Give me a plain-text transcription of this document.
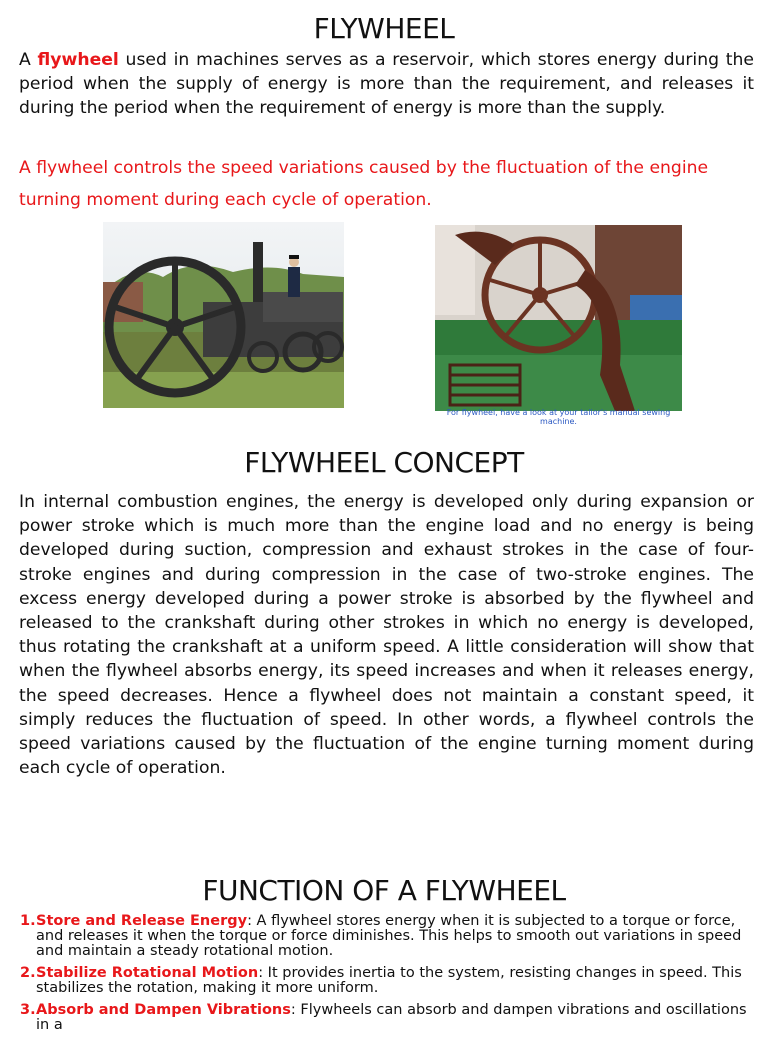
FLYWHEEL

A flywheel used in machines serves as a reservoir, which stores energy during the period when the supply of energy is more than the requirement, and releases it during the period when the requirement of energy is more than the supply.

A flywheel controls the speed variations caused by the fluctuation of the engine turning moment during each cycle of operation.

For flywheel, have a look at your tailor's manual sewing machine.
FLYWHEEL CONCEPT

In internal combustion engines, the energy is developed only during expansion or power stroke which is much more than the engine load and no energy is being developed during suction, compression and exhaust strokes in the case of four-stroke engines and during compression in the case of two-stroke engines. The excess energy developed during a power stroke is absorbed by the flywheel and released to the crankshaft during other strokes in which no energy is developed, thus rotating the crankshaft at a uniform speed. A little consideration will show that when the flywheel absorbs energy, its speed increases and when it releases energy, the speed decreases. Hence a flywheel does not maintain a constant speed, it simply reduces the fluctuation of speed. In other words, a flywheel controls the speed variations caused by the fluctuation of the engine turning moment during each cycle of operation.

FUNCTION OF A FLYWHEEL
1. Store and Release Energy: A flywheel stores energy when it is subjected to a torque or force, and releases it when the torque or force diminishes. This helps to smooth out variations in speed and maintain a steady rotational motion.
2. Stabilize Rotational Motion: It provides inertia to the system, resisting changes in speed. This stabilizes the rotation, making it more uniform.
3. Absorb and Dampen Vibrations: Flywheels can absorb and dampen vibrations and oscillations in a
